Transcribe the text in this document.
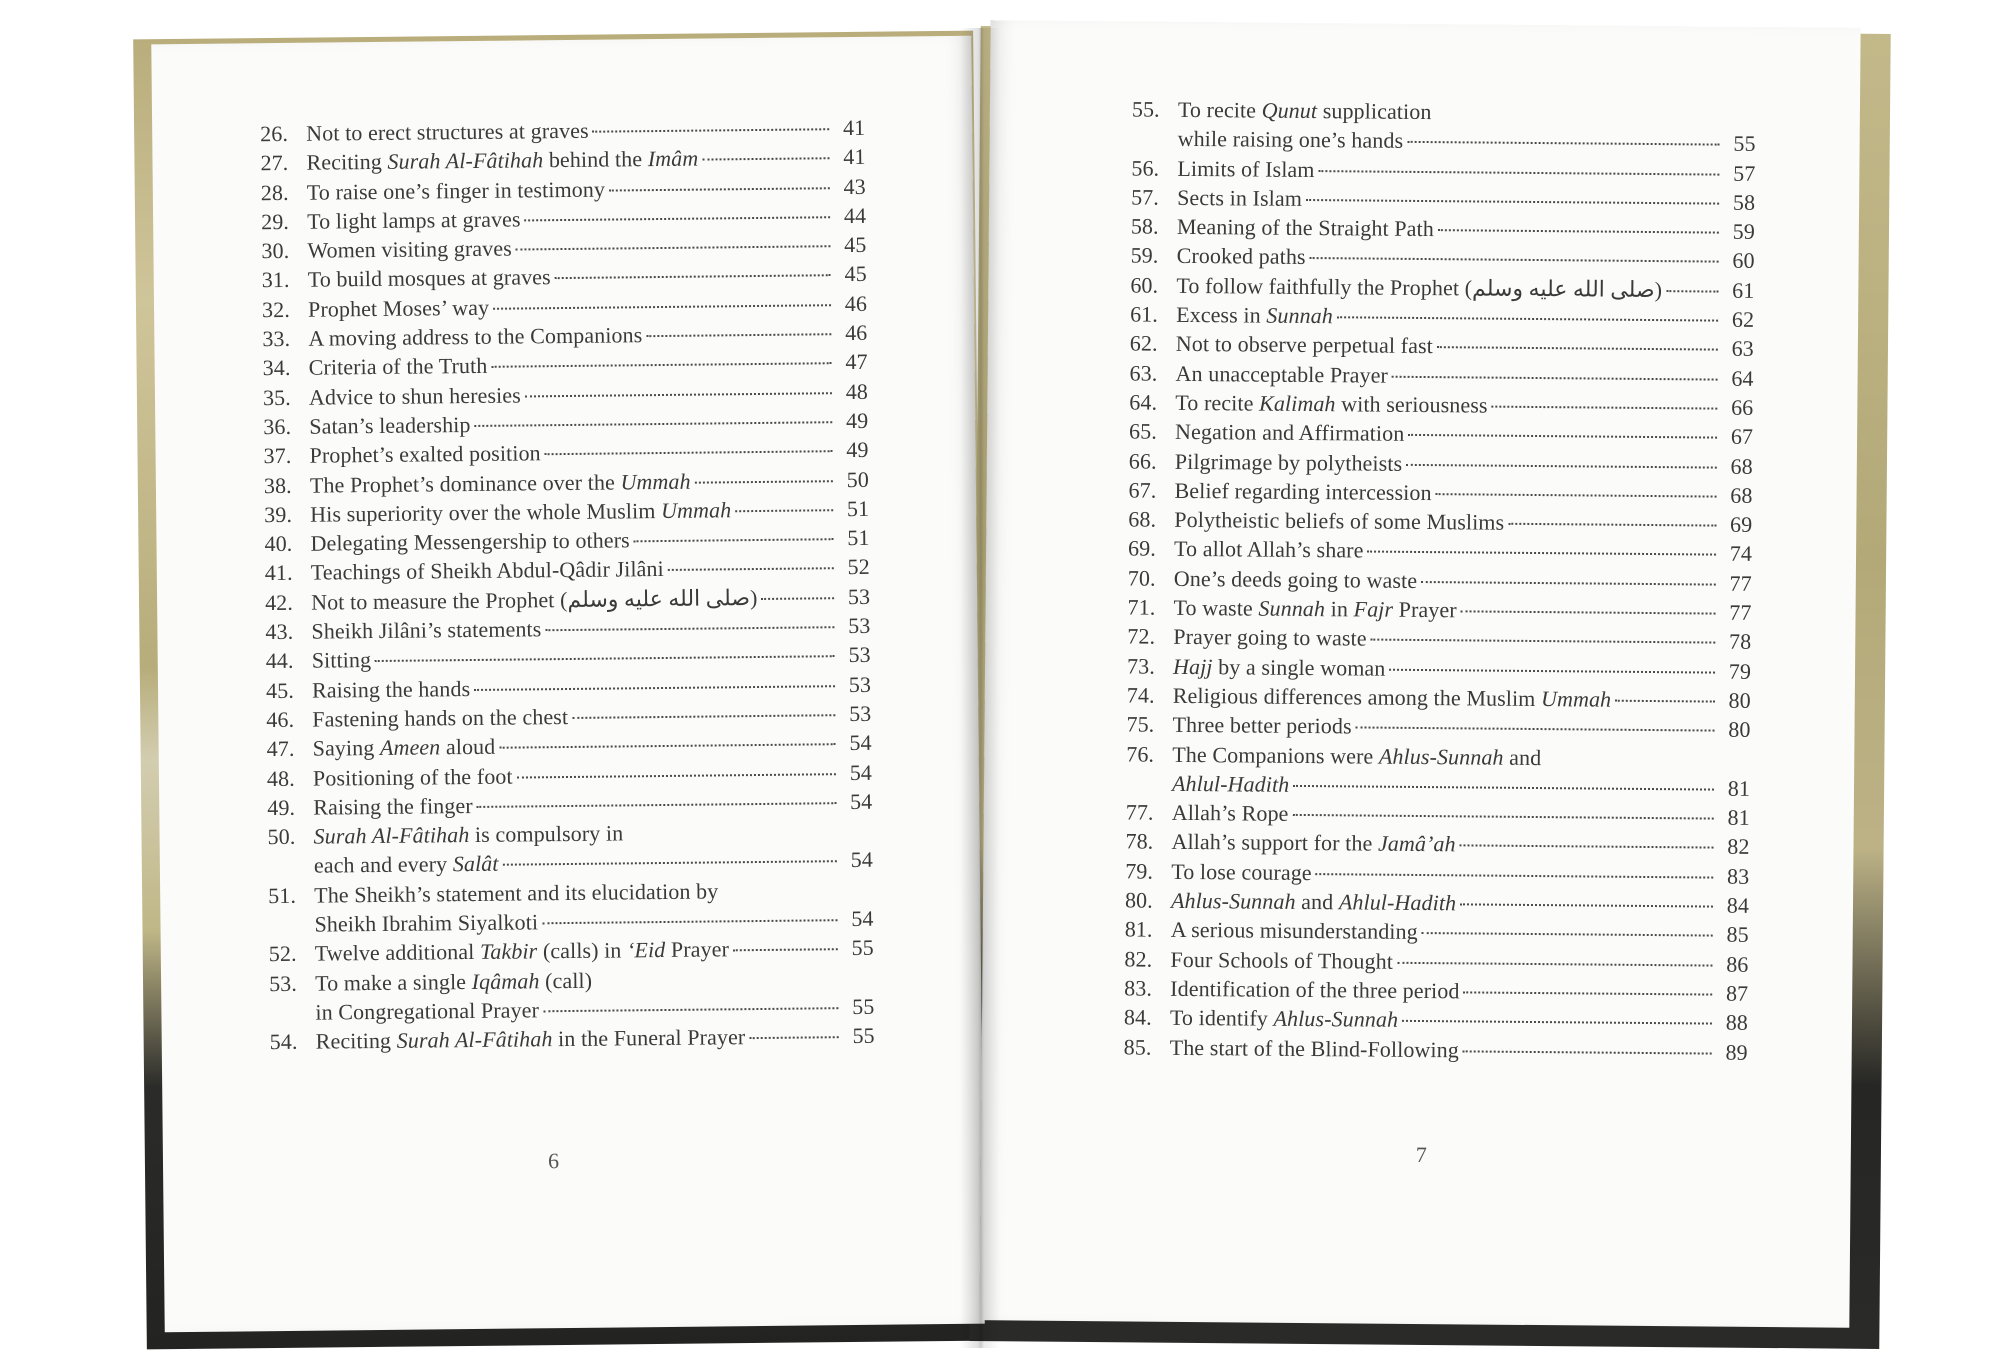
26. Not to erect structures at graves	41
27. Reciting Surah Al-Fâtihah behind the Imâm	41
28. To raise one’s finger in testimony	43
29. To light lamps at graves	44
30. Women visiting graves	45
31. To build mosques at graves	45
32. Prophet Moses’ way	46
33. A moving address to the Companions	46
34. Criteria of the Truth	47
35. Advice to shun heresies	48
36. Satan’s leadership	49
37. Prophet’s exalted position	49
38. The Prophet’s dominance over the Ummah	50
39. His superiority over the whole Muslim Ummah	51
40. Delegating Messengership to others	51
41. Teachings of Sheikh Abdul-Qâdir Jilâni	52
42. Not to measure the Prophet (صلى الله عليه وسلم)	53
43. Sheikh Jilâni’s statements	53
44. Sitting	53
45. Raising the hands	53
46. Fastening hands on the chest	53
47. Saying Ameen aloud	54
48. Positioning of the foot	54
49. Raising the finger	54
50. Surah Al-Fâtihah is compulsory in
each and every Salât	54
51. The Sheikh’s statement and its elucidation by
Sheikh Ibrahim Siyalkoti	54
52. Twelve additional Takbir (calls) in ‘Eid Prayer	55
53. To make a single Iqâmah (call)
in Congregational Prayer	55
54. Reciting Surah Al-Fâtihah in the Funeral Prayer	55
6
55. To recite Qunut supplication
while raising one’s hands	55
56. Limits of Islam	57
57. Sects in Islam	58
58. Meaning of the Straight Path	59
59. Crooked paths	60
60. To follow faithfully the Prophet (صلى الله عليه وسلم)	61
61. Excess in Sunnah	62
62. Not to observe perpetual fast	63
63. An unacceptable Prayer	64
64. To recite Kalimah with seriousness	66
65. Negation and Affirmation	67
66. Pilgrimage by polytheists	68
67. Belief regarding intercession	68
68. Polytheistic beliefs of some Muslims	69
69. To allot Allah’s share	74
70. One’s deeds going to waste	77
71. To waste Sunnah in Fajr Prayer	77
72. Prayer going to waste	78
73. Hajj by a single woman	79
74. Religious differences among the Muslim Ummah	80
75. Three better periods	80
76. The Companions were Ahlus-Sunnah and
Ahlul-Hadith	81
77. Allah’s Rope	81
78. Allah’s support for the Jamâ’ah	82
79. To lose courage	83
80. Ahlus-Sunnah and Ahlul-Hadith	84
81. A serious misunderstanding	85
82. Four Schools of Thought	86
83. Identification of the three period	87
84. To identify Ahlus-Sunnah	88
85. The start of the Blind-Following	89
7
